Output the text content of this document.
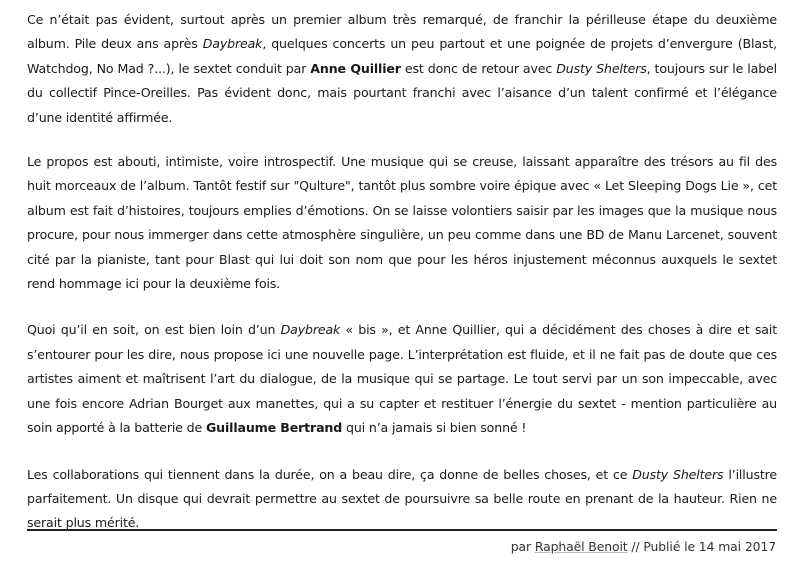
Ce n’était pas évident, surtout après un premier album très remarqué, de franchir la périlleuse étape du deuxième album. Pile deux ans après Daybreak, quelques concerts un peu partout et une poignée de projets d’envergure (Blast, Watchdog, No Mad ?...), le sextet conduit par Anne Quillier est donc de retour avec Dusty Shelters, toujours sur le label du collectif Pince-Oreilles. Pas évident donc, mais pourtant franchi avec l’aisance d’un talent confirmé et l’élégance d’une identité affirmée.

Le propos est abouti, intimiste, voire introspectif. Une musique qui se creuse, laissant apparaître des trésors au fil des huit morceaux de l’album. Tantôt festif sur "Qulture", tantôt plus sombre voire épique avec « Let Sleeping Dogs Lie », cet album est fait d’histoires, toujours emplies d’émotions. On se laisse volontiers saisir par les images que la musique nous procure, pour nous immerger dans cette atmosphère singulière, un peu comme dans une BD de Manu Larcenet, souvent cité par la pianiste, tant pour Blast qui lui doit son nom que pour les héros injustement méconnus auxquels le sextet rend hommage ici pour la deuxième fois.

Quoi qu’il en soit, on est bien loin d’un Daybreak « bis », et Anne Quillier, qui a décidément des choses à dire et sait s’entourer pour les dire, nous propose ici une nouvelle page. L’interprétation est fluide, et il ne fait pas de doute que ces artistes aiment et maîtrisent l’art du dialogue, de la musique qui se partage. Le tout servi par un son impeccable, avec une fois encore Adrian Bourget aux manettes, qui a su capter et restituer l’énergie du sextet - mention particulière au soin apporté à la batterie de Guillaume Bertrand qui n’a jamais si bien sonné !

Les collaborations qui tiennent dans la durée, on a beau dire, ça donne de belles choses, et ce Dusty Shelters l’illustre parfaitement. Un disque qui devrait permettre au sextet de poursuivre sa belle route en prenant de la hauteur. Rien ne serait plus mérité.

par Raphaël Benoit // Publié le 14 mai 2017
